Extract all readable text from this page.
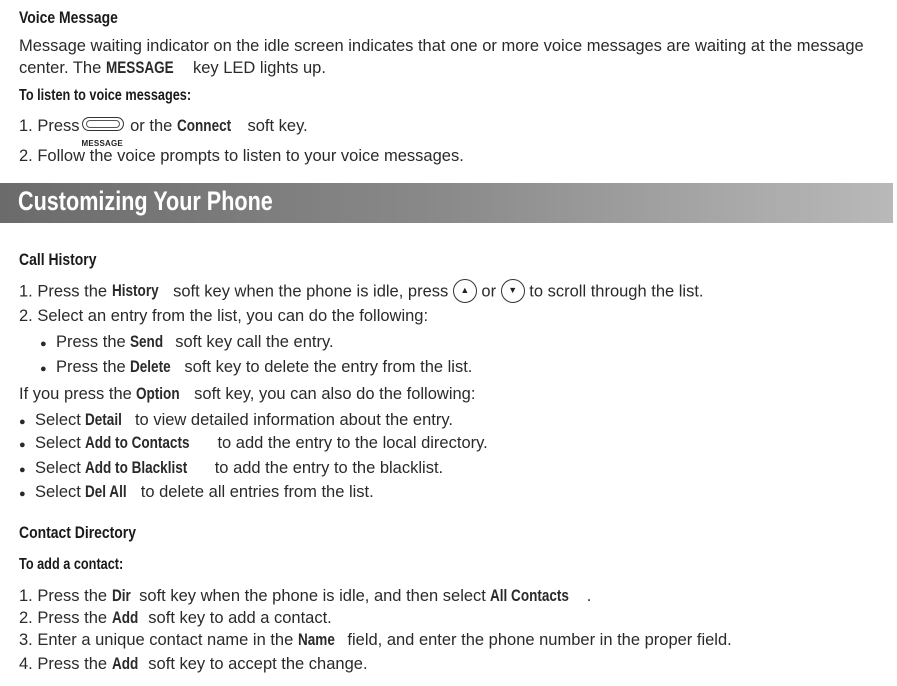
Voice Message
Message waiting indicator on the idle screen indicates that one or more voice messages are waiting at the message
center. The MESSAGE key LED lights up.
To listen to voice messages:
1. Press
MESSAGE
or the Connect soft key.
2. Follow the voice prompts to listen to your voice messages.
Customizing Your Phone
Call History
1. Press the History soft key when the phone is idle, press ▲ or ▼ to scroll through the list.
2. Select an entry from the list, you can do the following:
● Press the Send soft key call the entry.
● Press the Delete soft key to delete the entry from the list.
If you press the Option soft key, you can also do the following:
● Select Detail to view detailed information about the entry.
● Select Add to Contacts to add the entry to the local directory.
● Select Add to Blacklist to add the entry to the blacklist.
● Select Del All to delete all entries from the list.
Contact Directory
To add a contact:
1. Press the Dir soft key when the phone is idle, and then select All Contacts .
2. Press the Add soft key to add a contact.
3. Enter a unique contact name in the Name field, and enter the phone number in the proper field.
4. Press the Add soft key to accept the change.
